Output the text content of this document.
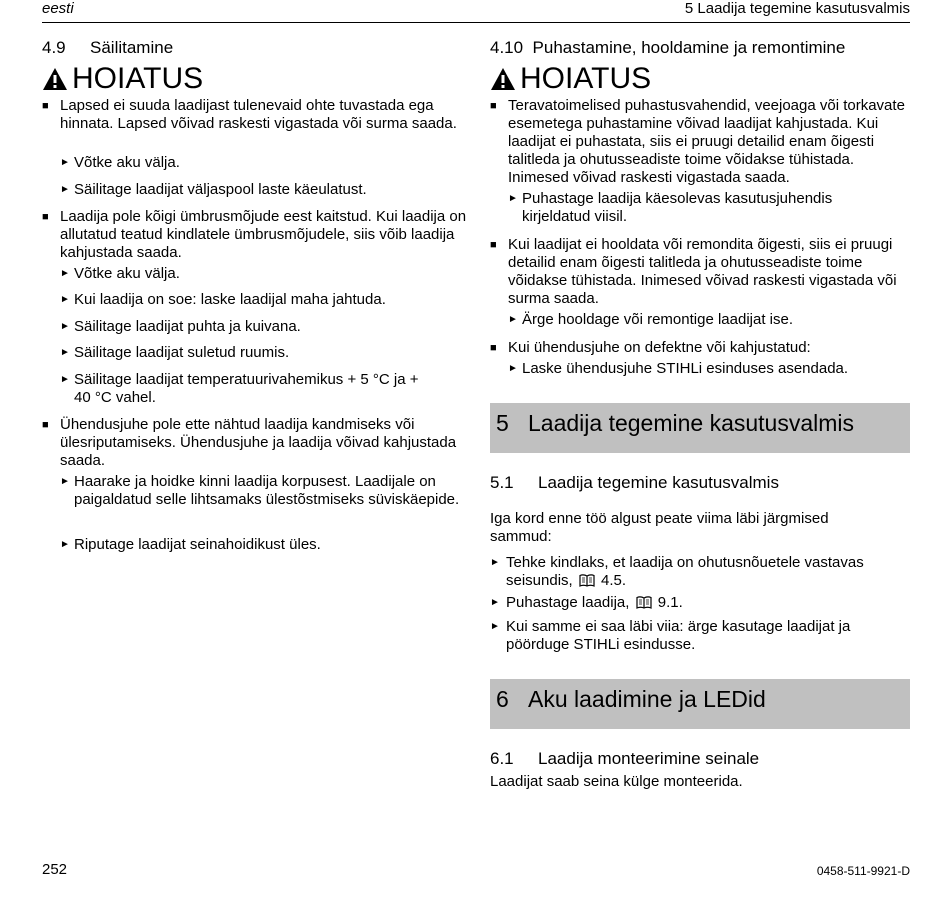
eesti	5 Laadija tegemine kasutusvalmis
4.9 Säilitamine
HOIATUS
■ Lapsed ei suuda laadijast tulenevaid ohte tuvastada ega hinnata. Lapsed võivad raskesti vigastada või surma saada.
► Võtke aku välja.
► Säilitage laadijat väljaspool laste käeulatust.
■ Laadija pole kõigi ümbrusmõjude eest kaitstud. Kui laadija on allutatud teatud kindlatele ümbrusmõjudele, siis võib laadija kahjustada saada.
► Võtke aku välja.
► Kui laadija on soe: laske laadijal maha jahtuda.
► Säilitage laadijat puhta ja kuivana.
► Säilitage laadijat suletud ruumis.
► Säilitage laadijat temperatuurivahemikus + 5 °C ja + 40 °C vahel.
■ Ühendusjuhe pole ette nähtud laadija kandmiseks või ülesriputamiseks. Ühendusjuhe ja laadija võivad kahjustada saada.
► Haarake ja hoidke kinni laadija korpusest. Laadijale on paigaldatud selle lihtsamaks ülestõstmiseks süviskäepide.
► Riputage laadijat seinahoidikust üles.
4.10 Puhastamine, hooldamine ja remontimine
HOIATUS
■ Teravatoimelised puhastusvahendid, veejoaga või torkavate esemetega puhastamine võivad laadijat kahjustada. Kui laadijat ei puhastata, siis ei pruugi detailid enam õigesti talitleda ja ohutusseadiste toime võidakse tühistada. Inimesed võivad raskesti vigastada saada.
► Puhastage laadija käesolevas kasutusjuhendis kirjeldatud viisil.
■ Kui laadijat ei hooldata või remondita õigesti, siis ei pruugi detailid enam õigesti talitleda ja ohutusseadiste toime võidakse tühistada. Inimesed võivad raskesti vigastada või surma saada.
► Ärge hooldage või remontige laadijat ise.
■ Kui ühendusjuhe on defektne või kahjustatud:
► Laske ühendusjuhe STIHLi esinduses asendada.
5 Laadija tegemine kasutusvalmis
5.1 Laadija tegemine kasutusvalmis
Iga kord enne töö algust peate viima läbi järgmised sammud:
► Tehke kindlaks, et laadija on ohutusnõuetele vastavas seisundis, 4.5.
► Puhastage laadija, 9.1.
► Kui samme ei saa läbi viia: ärge kasutage laadijat ja pöörduge STIHLi esindusse.
6 Aku laadimine ja LEDid
6.1 Laadija monteerimine seinale
Laadijat saab seina külge monteerida.
252	0458-511-9921-D
